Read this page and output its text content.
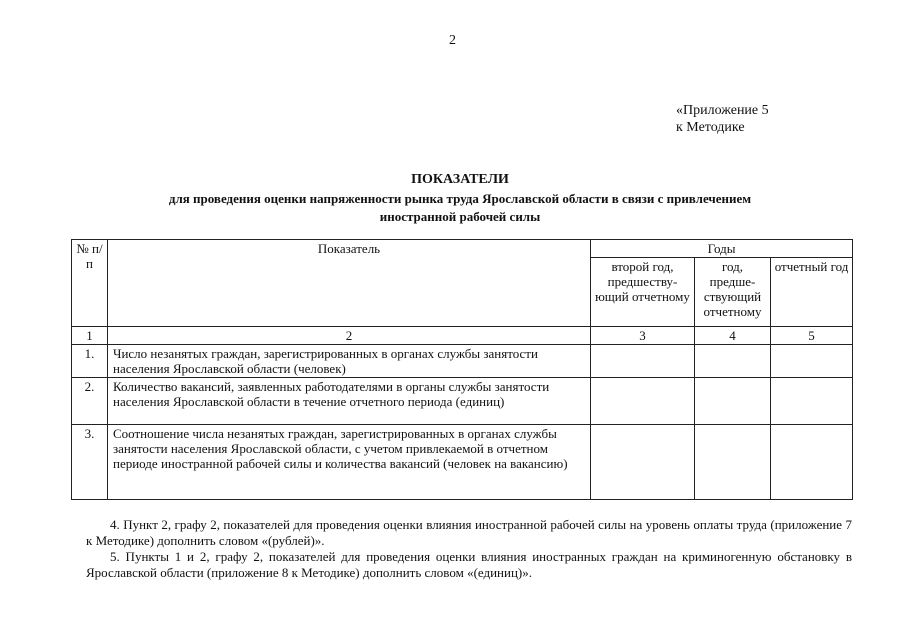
2
«Приложение 5
к Методике
ПОКАЗАТЕЛИ
для проведения оценки напряженности рынка труда Ярославской области в связи с привлечением
иностранной рабочей силы
№ п/п	Показатель	Годы		
		второй год, предшеству-ющий отчетному	год, предше-ствующий отчетному	отчетный год
1	2	3	4	5
1.	Число незанятых граждан, зарегистрированных в органах службы занятости населения Ярославской области (человек)			
2.	Количество вакансий, заявленных работодателями в органы службы занятости населения Ярославской области в течение отчетного периода (единиц)			
3.	Соотношение числа незанятых граждан, зарегистрированных в органах службы занятости населения Ярославской области, с учетом привлекаемой в отчетном периоде иностранной рабочей силы и количества вакансий (человек на вакансию)			

4. Пункт 2, графу 2, показателей для проведения оценки влияния иностранной рабочей силы на уровень оплаты труда (приложение 7 к Методике) дополнить словом «(рублей)».

5. Пункты 1 и 2, графу 2, показателей для проведения оценки влияния иностранных граждан на криминогенную обстановку в Ярославской области (приложение 8 к Методике) дополнить словом «(единиц)».
